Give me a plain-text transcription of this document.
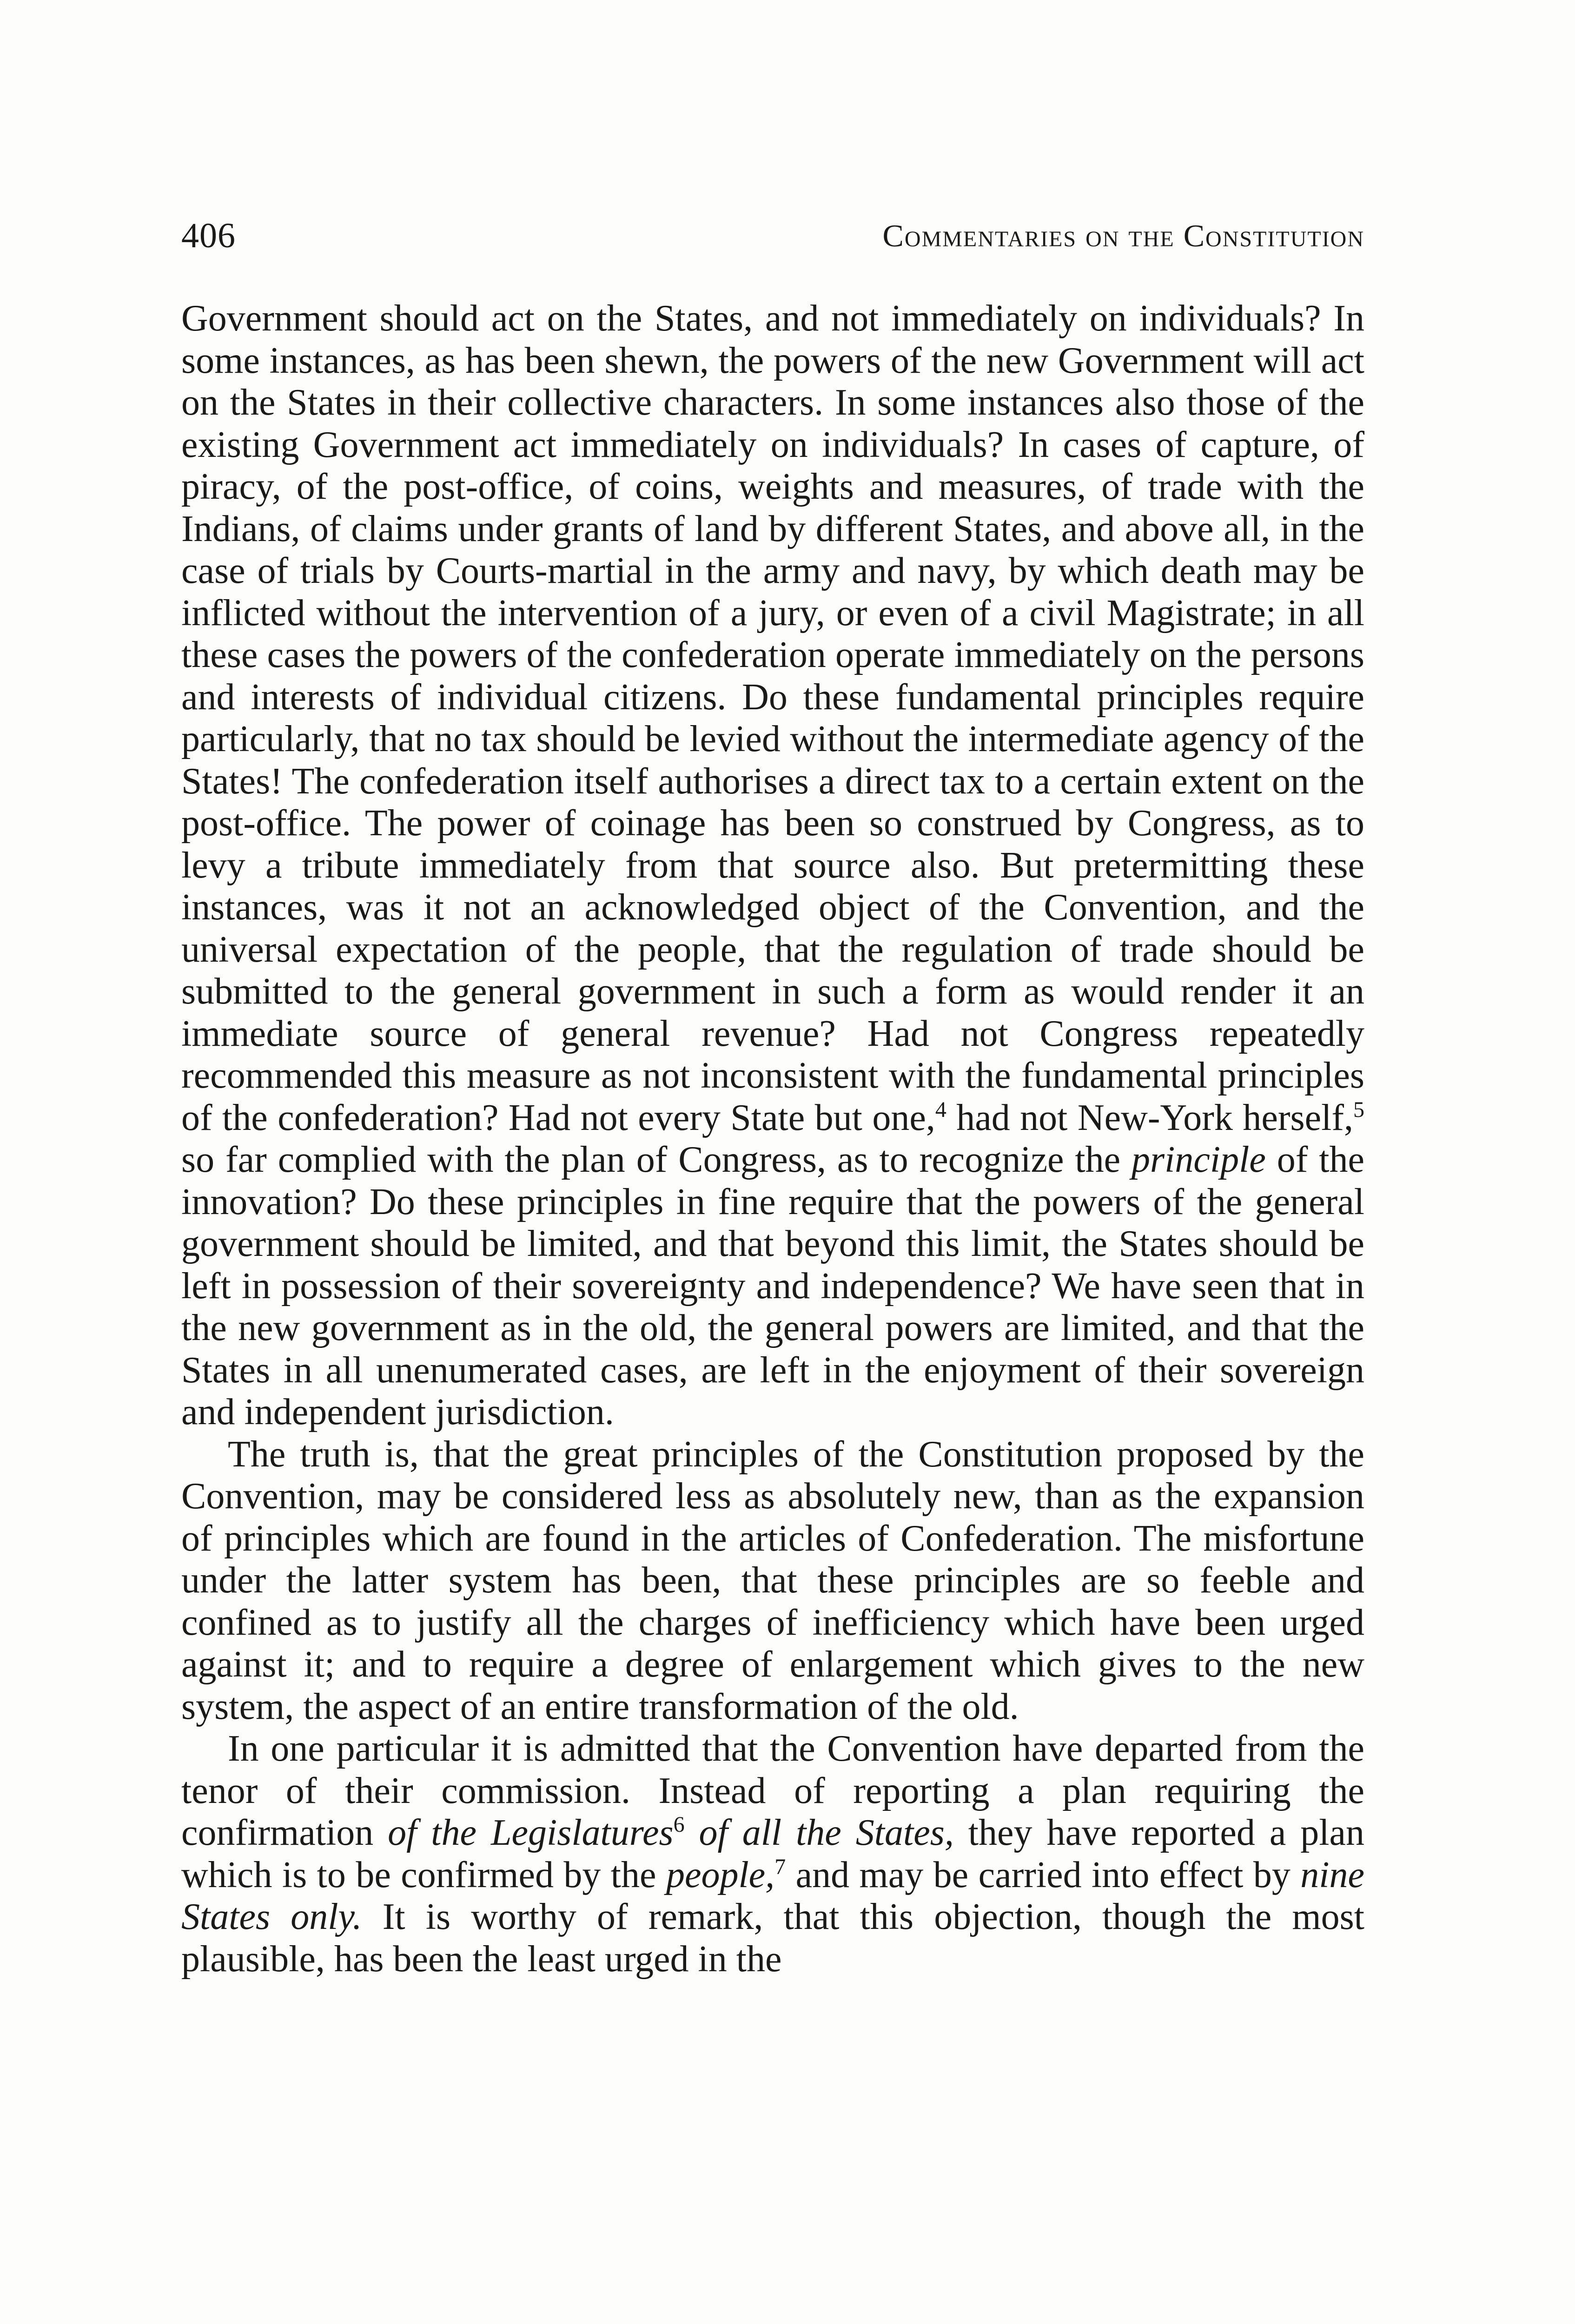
406	Commentaries on the Constitution

Government should act on the States, and not immediately on individuals? In some instances, as has been shewn, the powers of the new Government will act on the States in their collective characters. In some instances also those of the existing Government act immediately on individuals? In cases of capture, of piracy, of the post-office, of coins, weights and measures, of trade with the Indians, of claims under grants of land by different States, and above all, in the case of trials by Courts-martial in the army and navy, by which death may be inflicted without the intervention of a jury, or even of a civil Magistrate; in all these cases the powers of the confederation operate immediately on the persons and interests of individual citizens. Do these fundamental principles require particularly, that no tax should be levied without the intermediate agency of the States! The confederation itself authorises a direct tax to a certain extent on the post-office. The power of coinage has been so construed by Congress, as to levy a tribute immediately from that source also. But pretermitting these instances, was it not an acknowledged object of the Convention, and the universal expectation of the people, that the regulation of trade should be submitted to the general government in such a form as would render it an immediate source of general revenue? Had not Congress repeatedly recommended this measure as not inconsistent with the fundamental principles of the confederation? Had not every State but one,$^4$ had not New-York herself,$^5$ so far complied with the plan of Congress, as to recognize the principle of the innovation? Do these principles in fine require that the powers of the general government should be limited, and that beyond this limit, the States should be left in possession of their sovereignty and independence? We have seen that in the new government as in the old, the general powers are limited, and that the States in all unenumerated cases, are left in the enjoyment of their sovereign and independent jurisdiction.

The truth is, that the great principles of the Constitution proposed by the Convention, may be considered less as absolutely new, than as the expansion of principles which are found in the articles of Confederation. The misfortune under the latter system has been, that these principles are so feeble and confined as to justify all the charges of inefficiency which have been urged against it; and to require a degree of enlargement which gives to the new system, the aspect of an entire transformation of the old.

In one particular it is admitted that the Convention have departed from the tenor of their commission. Instead of reporting a plan requiring the confirmation of the Legislatures$^6$ of all the States, they have reported a plan which is to be confirmed by the people,$^7$ and may be carried into effect by nine States only. It is worthy of remark, that this objection, though the most plausible, has been the least urged in the
